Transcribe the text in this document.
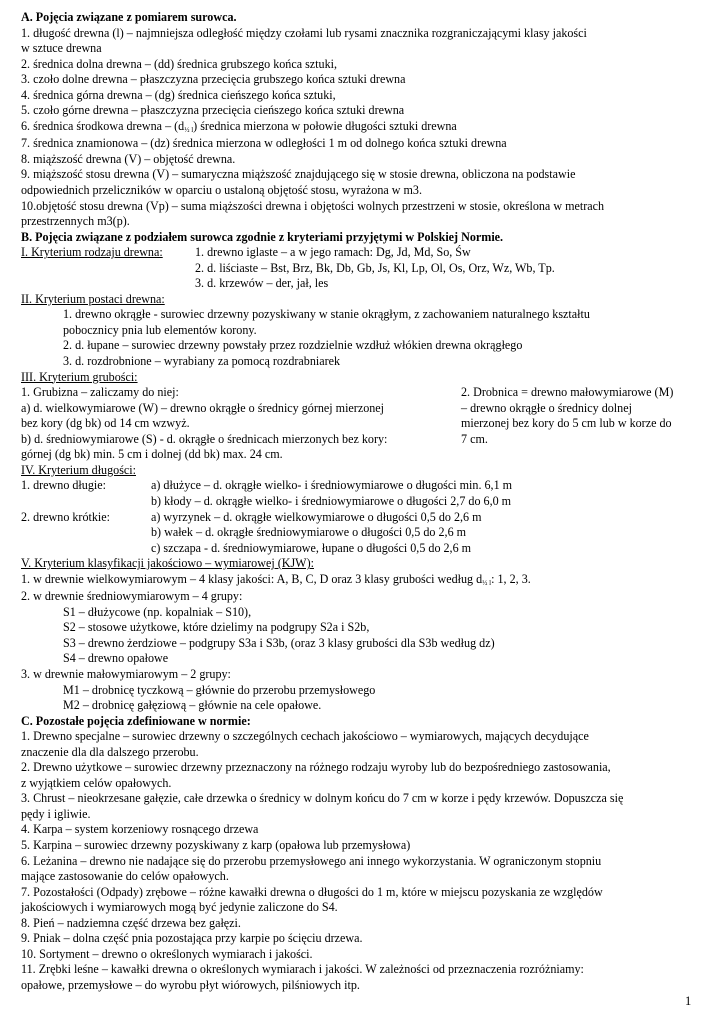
A. Pojęcia związane z pomiarem surowca.
1. długość drewna (l) – najmniejsza odległość między czołami lub rysami znacznika rozgraniczającymi klasy jakości
w sztuce drewna
2. średnica dolna drewna – (dd) średnica grubszego końca sztuki,
3. czoło dolne drewna – płaszczyzna przecięcia grubszego końca sztuki drewna
4. średnica górna drewna – (dg) średnica cieńszego końca sztuki,
5. czoło górne drewna – płaszczyzna przecięcia cieńszego końca sztuki drewna
6. średnica środkowa drewna – (d½ l) średnica mierzona w połowie długości sztuki drewna
7. średnica znamionowa – (dz) średnica mierzona w odległości 1 m od dolnego końca sztuki drewna
8. miąższość drewna (V) – objętość drewna.
9. miąższość stosu drewna (V) – sumaryczna miąższość znajdującego się w stosie drewna, obliczona na podstawie
odpowiednich przeliczników w oparciu o ustaloną objętość stosu, wyrażona w m3.
10.objętość stosu drewna (Vp) – suma miąższości drewna i objętości wolnych przestrzeni w stosie, określona w metrach
przestrzennych m3(p).
B. Pojęcia związane z podziałem surowca zgodnie z kryteriami przyjętymi w Polskiej Normie.
I. Kryterium rodzaju drewna:	1. drewno iglaste – a w jego ramach: Dg, Jd, Md, So, Św
2. d. liściaste – Bst, Brz, Bk, Db, Gb, Js, Kl, Lp, Ol, Os, Orz, Wz, Wb, Tp.
3. d. krzewów – der, jał, les
II. Kryterium postaci drewna:
1. drewno okrągłe - surowiec drzewny pozyskiwany w stanie okrągłym, z zachowaniem naturalnego kształtu
pobocznicy pnia lub elementów korony.
2. d. łupane – surowiec drzewny powstały przez rozdzielnie wzdłuż włókien drewna okrągłego
3. d. rozdrobnione – wyrabiany za pomocą rozdrabniarek
III. Kryterium grubości:
1. Grubizna – zaliczamy do niej:
a) d. wielkowymiarowe (W) – drewno okrągłe o średnicy górnej mierzonej
bez kory (dg bk) od 14 cm wzwyż.
b) d. średniowymiarowe (S) - d. okrągłe o średnicach mierzonych bez kory:
górnej (dg bk) min. 5 cm i dolnej (dd bk) max. 24 cm.
2. Drobnica = drewno małowymiarowe (M)
– drewno okrągłe o średnicy dolnej
mierzonej bez kory do 5 cm lub w korze do
7 cm.
IV. Kryterium długości:
1. drewno długie:	a) dłużyce – d. okrągłe wielko- i średniowymiarowe o długości min. 6,1 m
b) kłody – d. okrągłe wielko- i średniowymiarowe o długości 2,7 do 6,0 m
2. drewno krótkie:	a) wyrzynek – d. okrągłe wielkowymiarowe o długości 0,5 do 2,6 m
b) wałek – d. okrągłe średniowymiarowe o długości 0,5 do 2,6 m
c) szczapa - d. średniowymiarowe, łupane o długości 0,5 do 2,6 m
V. Kryterium klasyfikacji jakościowo – wymiarowej (KJW):
1. w drewnie wielkowymiarowym – 4 klasy jakości: A, B, C, D oraz 3 klasy grubości według d½ l: 1, 2, 3.
2. w drewnie średniowymiarowym – 4 grupy:
S1 – dłużycowe (np. kopalniak – S10),
S2 – stosowe użytkowe, które dzielimy na podgrupy S2a i S2b,
S3 – drewno żerdziowe – podgrupy S3a i S3b, (oraz 3 klasy grubości dla S3b według dz)
S4 – drewno opałowe
3. w drewnie małowymiarowym – 2 grupy:
M1 – drobnicę tyczkową – głównie do przerobu przemysłowego
M2 – drobnicę gałęziową – głównie na cele opałowe.
C. Pozostałe pojęcia zdefiniowane w normie:
1. Drewno specjalne – surowiec drzewny o szczególnych cechach jakościowo – wymiarowych, mających decydujące
znaczenie dla dla dalszego przerobu.
2. Drewno użytkowe – surowiec drzewny przeznaczony na różnego rodzaju wyroby lub do bezpośredniego zastosowania,
z wyjątkiem celów opałowych.
3. Chrust – nieokrzesane gałęzie, całe drzewka o średnicy w dolnym końcu do 7 cm w korze i pędy krzewów. Dopuszcza się
pędy i igliwie.
4. Karpa – system korzeniowy rosnącego drzewa
5. Karpina – surowiec drzewny pozyskiwany z karp (opałowa lub przemysłowa)
6. Leżanina – drewno nie nadające się do przerobu przemysłowego ani innego wykorzystania. W ograniczonym stopniu
mające zastosowanie do celów opałowych.
7. Pozostałości (Odpady) zrębowe – różne kawałki drewna o długości do 1 m, które w miejscu pozyskania ze względów
jakościowych i wymiarowych mogą być jedynie zaliczone do S4.
8. Pień – nadziemna część drzewa bez gałęzi.
9. Pniak – dolna część pnia pozostająca przy karpie po ścięciu drzewa.
10. Sortyment – drewno o określonych wymiarach i jakości.
11. Zrębki leśne – kawałki drewna o określonych wymiarach i jakości. W zależności od przeznaczenia rozróżniamy:
opałowe, przemysłowe – do wyrobu płyt wiórowych, pilśniowych itp.
1
